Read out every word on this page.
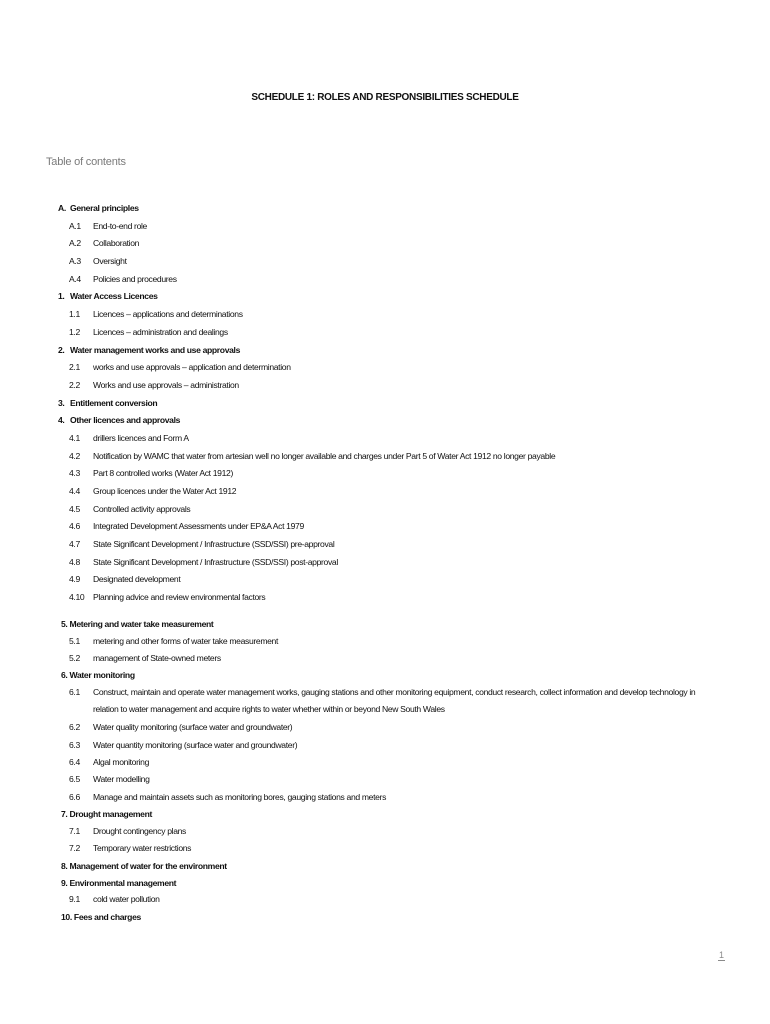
SCHEDULE 1: ROLES AND RESPONSIBILITIES SCHEDULE
Table of contents
A. General principles
A.1 End-to-end role
A.2 Collaboration
A.3 Oversight
A.4 Policies and procedures
1. Water Access Licences
1.1 Licences – applications and determinations
1.2 Licences – administration and dealings
2. Water management works and use approvals
2.1 works and use approvals – application and determination
2.2 Works and use approvals – administration
3. Entitlement conversion
4. Other licences and approvals
4.1 drillers licences and Form A
4.2 Notification by WAMC that water from artesian well no longer available and charges under Part 5 of Water Act 1912 no longer payable
4.3 Part 8 controlled works (Water Act 1912)
4.4 Group licences under the Water Act 1912
4.5 Controlled activity approvals
4.6 Integrated Development Assessments under EP&A Act 1979
4.7 State Significant Development / Infrastructure (SSD/SSI) pre-approval
4.8 State Significant Development / Infrastructure (SSD/SSI) post-approval
4.9 Designated development
4.10 Planning advice and review environmental factors
5. Metering and water take measurement
5.1 metering and other forms of water take measurement
5.2 management of State-owned meters
6. Water monitoring
6.1 Construct, maintain and operate water management works, gauging stations and other monitoring equipment, conduct research, collect information and develop technology in relation to water management and acquire rights to water whether within or beyond New South Wales
6.2 Water quality monitoring (surface water and groundwater)
6.3 Water quantity monitoring (surface water and groundwater)
6.4 Algal monitoring
6.5 Water modelling
6.6 Manage and maintain assets such as monitoring bores, gauging stations and meters
7. Drought management
7.1 Drought contingency plans
7.2 Temporary water restrictions
8. Management of water for the environment
9. Environmental management
9.1 cold water pollution
10. Fees and charges
1
